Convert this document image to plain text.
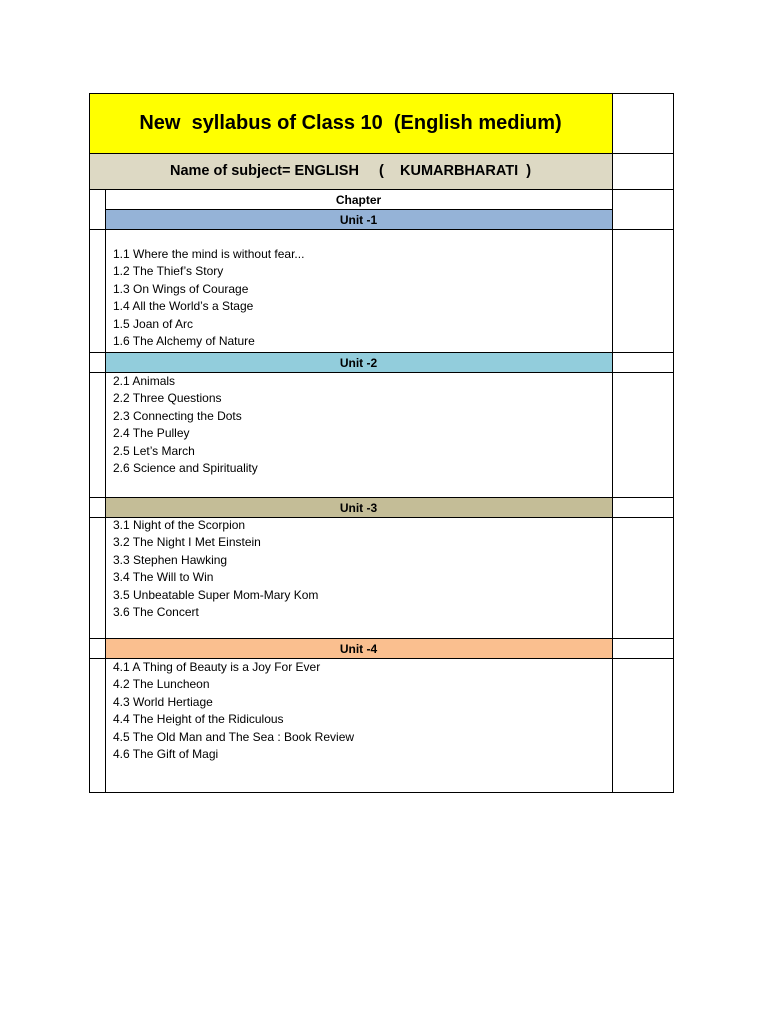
New  syllabus of Class 10  (English medium)
Name of subject= ENGLISH     (    KUMARBHARATI  )
Chapter
Unit -1
1.1 Where the mind is without fear...
1.2 The Thief’s Story
1.3 On Wings of Courage
1.4 All the World’s a Stage
1.5 Joan of Arc
1.6 The Alchemy of Nature
Unit -2
2.1 Animals
2.2 Three Questions
2.3 Connecting the Dots
2.4 The Pulley
2.5 Let’s March
2.6 Science and Spirituality
Unit -3
3.1 Night of the Scorpion
3.2 The Night I Met Einstein
3.3 Stephen Hawking
3.4 The Will to Win
3.5 Unbeatable Super Mom-Mary Kom
3.6 The Concert
Unit -4
4.1 A Thing of Beauty is a Joy For Ever
4.2 The Luncheon
4.3 World Hertiage
4.4 The Height of the Ridiculous
4.5 The Old Man and The Sea : Book Review
4.6 The Gift of Magi
